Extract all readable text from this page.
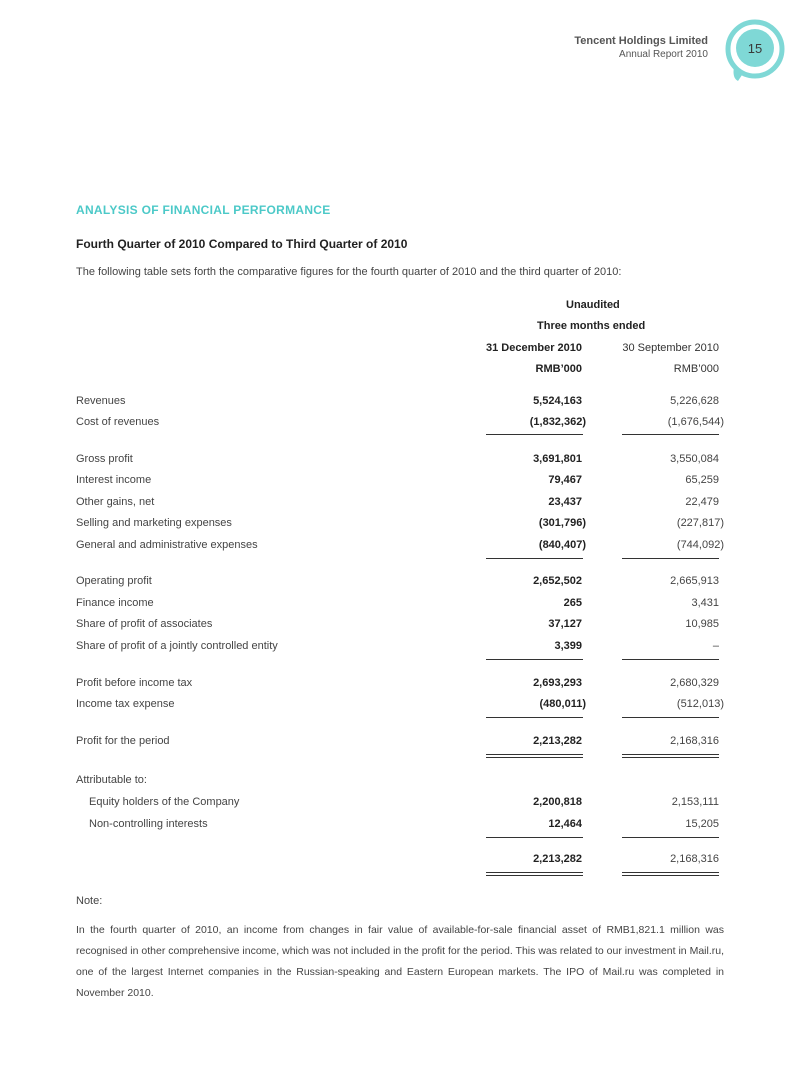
Tencent Holdings Limited
Annual Report 2010	15
ANALYSIS OF FINANCIAL PERFORMANCE
Fourth Quarter of 2010 Compared to Third Quarter of 2010
The following table sets forth the comparative figures for the fourth quarter of 2010 and the third quarter of 2010:
Unaudited
Three months ended
31 December 2010	30 September 2010
RMB’000	RMB’000
Revenues	5,524,163	5,226,628
Cost of revenues	(1,832,362)	(1,676,544)
Gross profit	3,691,801	3,550,084
Interest income	79,467	65,259
Other gains, net	23,437	22,479
Selling and marketing expenses	(301,796)	(227,817)
General and administrative expenses	(840,407)	(744,092)
Operating profit	2,652,502	2,665,913
Finance income	265	3,431
Share of profit of associates	37,127	10,985
Share of profit of a jointly controlled entity	3,399	–
Profit before income tax	2,693,293	2,680,329
Income tax expense	(480,011)	(512,013)
Profit for the period	2,213,282	2,168,316
Attributable to:
Equity holders of the Company	2,200,818	2,153,111
Non-controlling interests	12,464	15,205
2,213,282	2,168,316
Note:
In the fourth quarter of 2010, an income from changes in fair value of available-for-sale financial asset of RMB1,821.1 million was recognised in other comprehensive income, which was not included in the profit for the period. This was related to our investment in Mail.ru, one of the largest Internet companies in the Russian-speaking and Eastern European markets. The IPO of Mail.ru was completed in November 2010.
